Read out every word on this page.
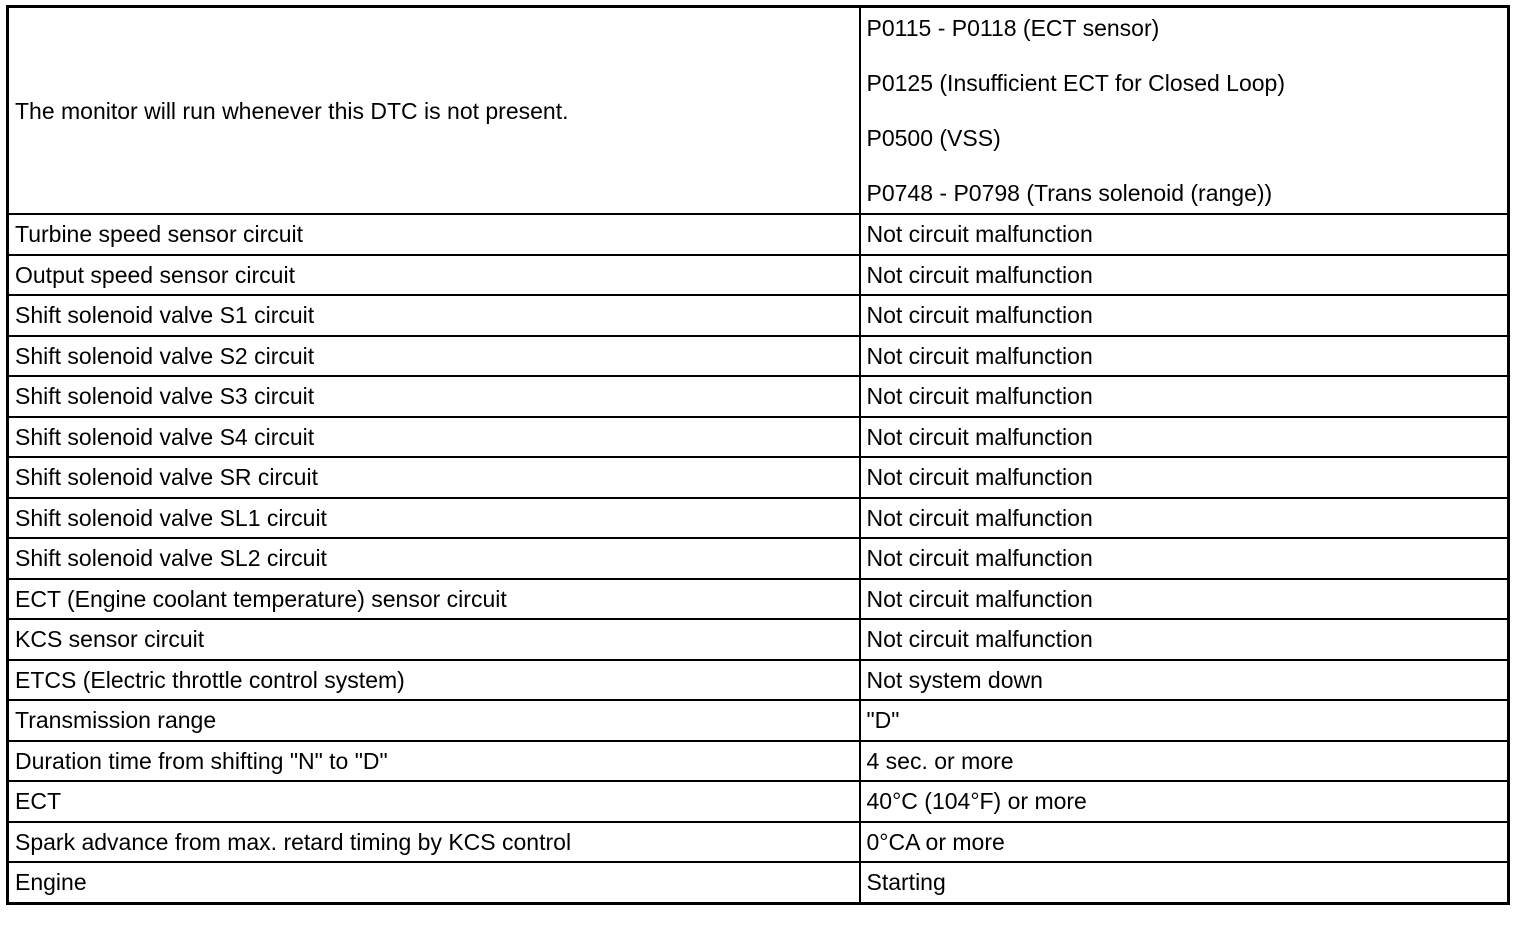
The monitor will run whenever this DTC is not present.	P0115 - P0118 (ECT sensor)
P0125 (Insufficient ECT for Closed Loop)
P0500 (VSS)
P0748 - P0798 (Trans solenoid (range))

Turbine speed sensor circuit	Not circuit malfunction
Output speed sensor circuit	Not circuit malfunction
Shift solenoid valve S1 circuit	Not circuit malfunction
Shift solenoid valve S2 circuit	Not circuit malfunction
Shift solenoid valve S3 circuit	Not circuit malfunction
Shift solenoid valve S4 circuit	Not circuit malfunction
Shift solenoid valve SR circuit	Not circuit malfunction
Shift solenoid valve SL1 circuit	Not circuit malfunction
Shift solenoid valve SL2 circuit	Not circuit malfunction
ECT (Engine coolant temperature) sensor circuit	Not circuit malfunction
KCS sensor circuit	Not circuit malfunction
ETCS (Electric throttle control system)	Not system down
Transmission range	"D"
Duration time from shifting "N" to "D"	4 sec. or more
ECT	40°C (104°F) or more
Spark advance from max. retard timing by KCS control	0°CA or more
Engine	Starting
